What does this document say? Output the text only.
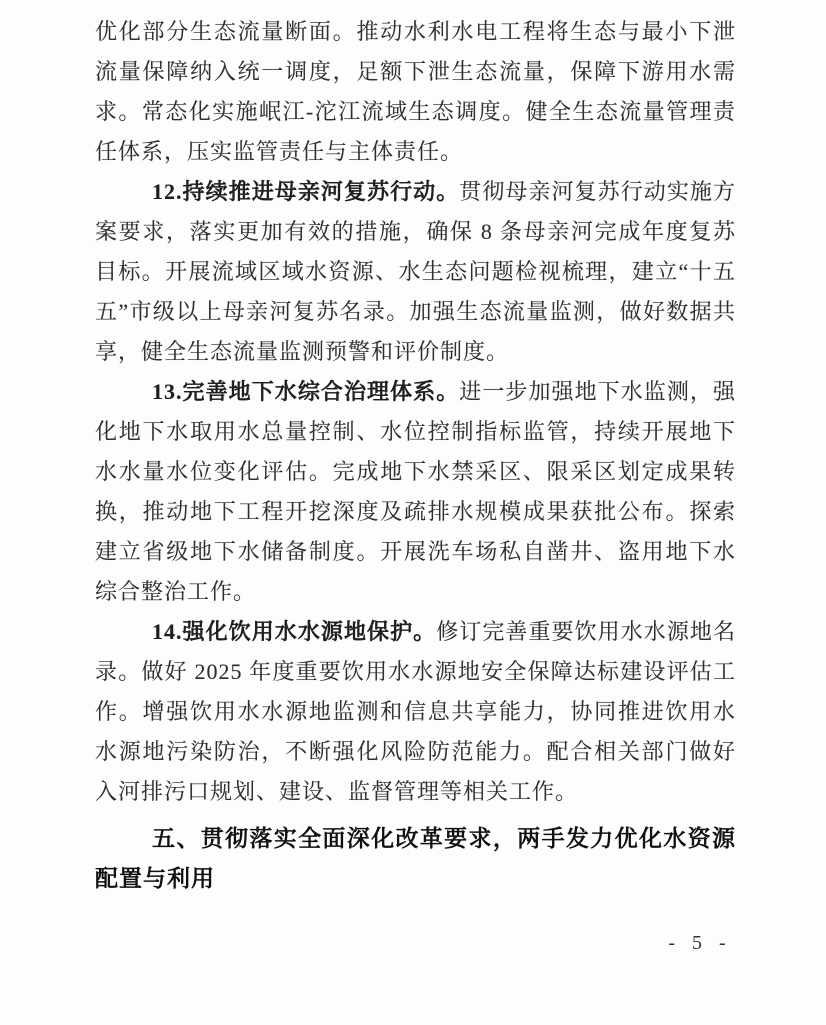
优化部分生态流量断面。推动水利水电工程将生态与最小下泄流量保障纳入统一调度，足额下泄生态流量，保障下游用水需求。常态化实施岷江-沱江流域生态调度。健全生态流量管理责任体系，压实监管责任与主体责任。

12.持续推进母亲河复苏行动。贯彻母亲河复苏行动实施方案要求，落实更加有效的措施，确保 8 条母亲河完成年度复苏目标。开展流域区域水资源、水生态问题检视梳理，建立“十五五”市级以上母亲河复苏名录。加强生态流量监测，做好数据共享，健全生态流量监测预警和评价制度。

13.完善地下水综合治理体系。进一步加强地下水监测，强化地下水取用水总量控制、水位控制指标监管，持续开展地下水水量水位变化评估。完成地下水禁采区、限采区划定成果转换，推动地下工程开挖深度及疏排水规模成果获批公布。探索建立省级地下水储备制度。开展洗车场私自凿井、盗用地下水综合整治工作。

14.强化饮用水水源地保护。修订完善重要饮用水水源地名录。做好 2025 年度重要饮用水水源地安全保障达标建设评估工作。增强饮用水水源地监测和信息共享能力，协同推进饮用水水源地污染防治，不断强化风险防范能力。配合相关部门做好入河排污口规划、建设、监督管理等相关工作。

五、贯彻落实全面深化改革要求，两手发力优化水资源配置与利用
- 5 -
